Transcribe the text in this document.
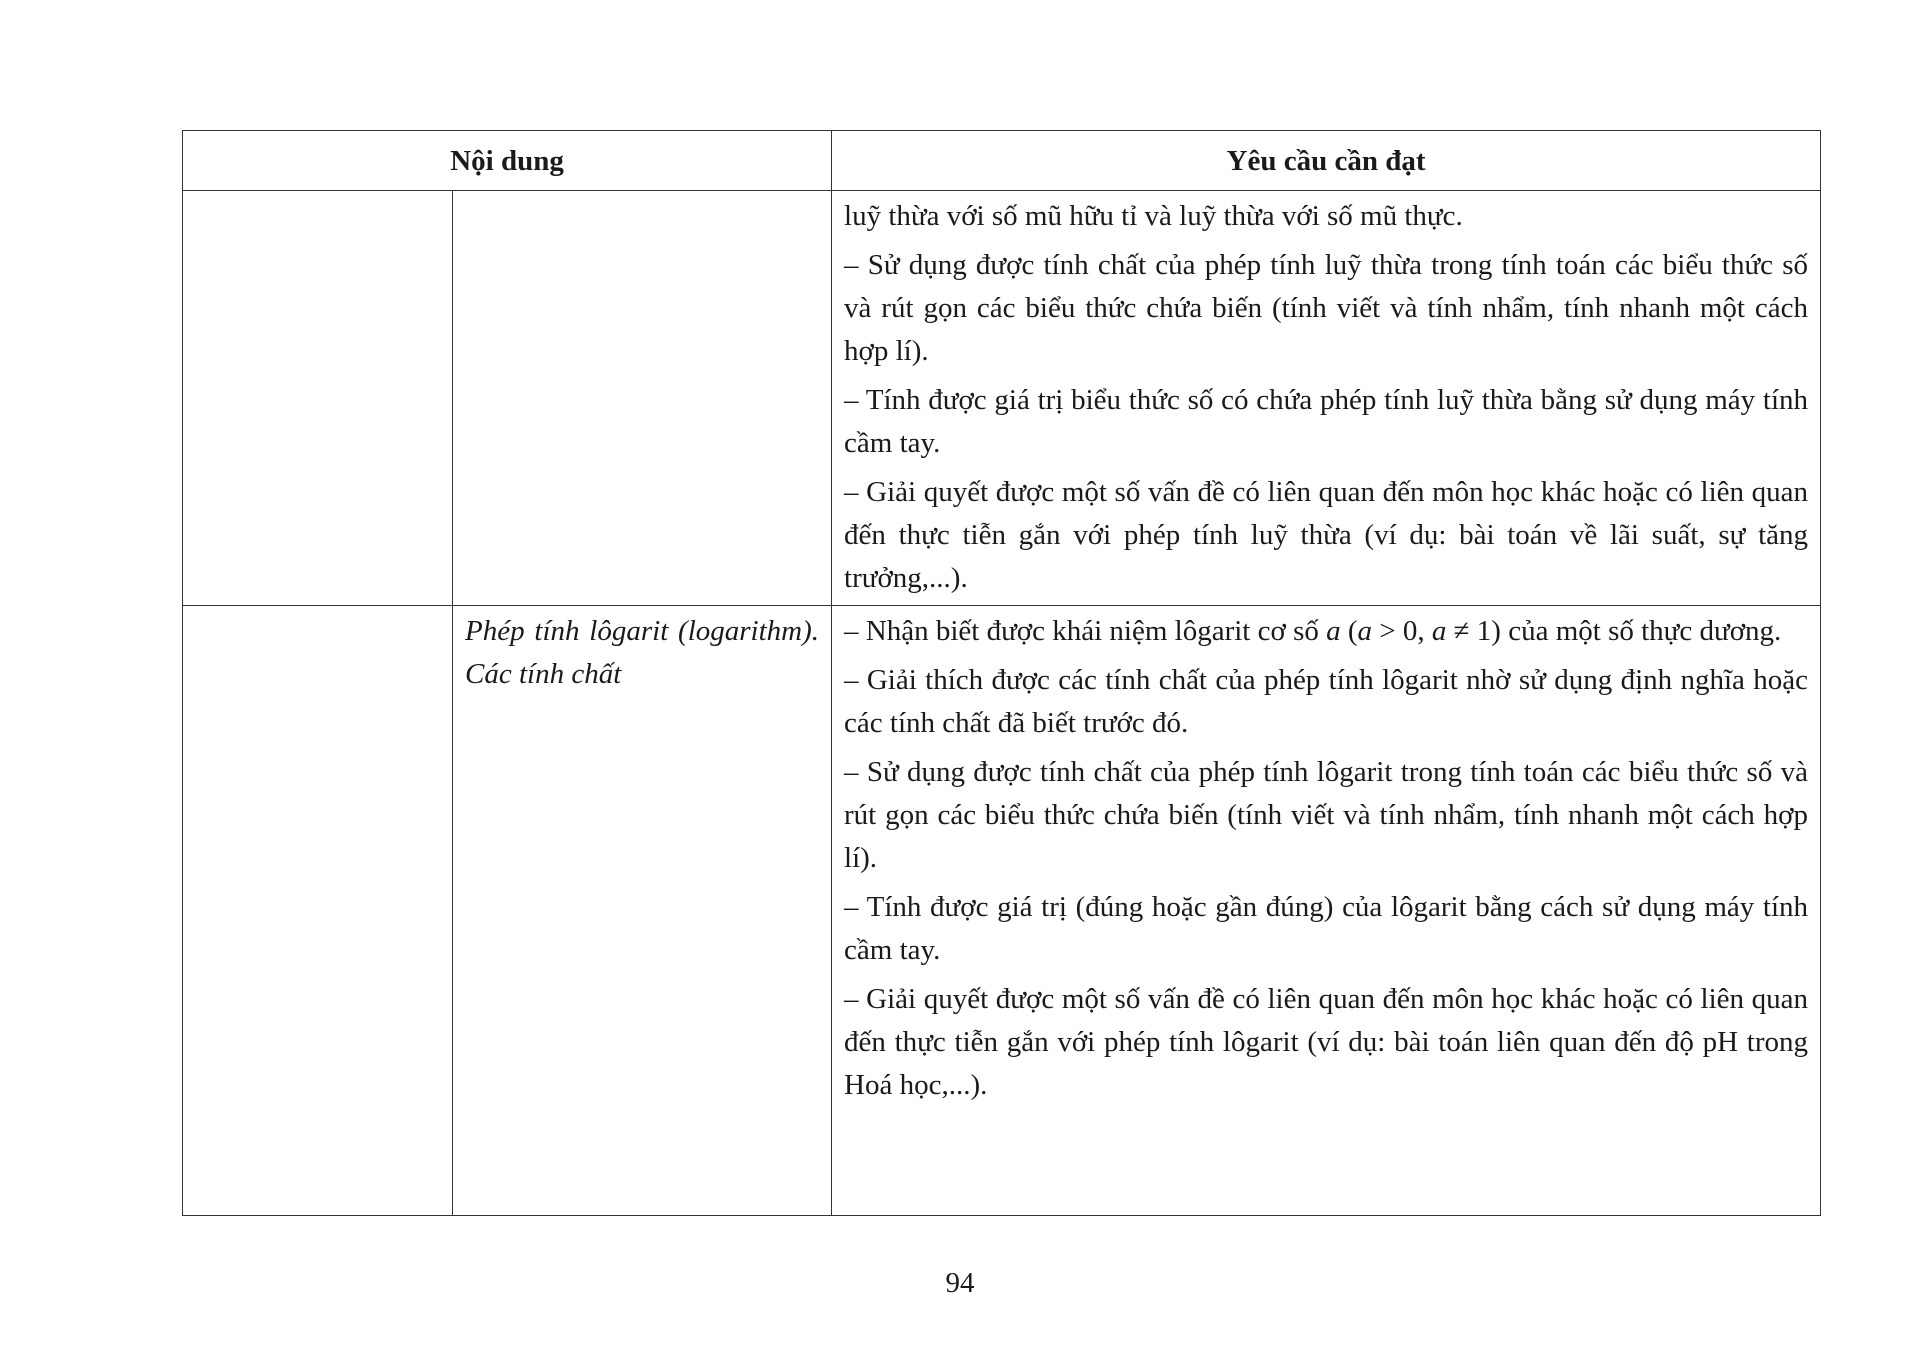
Nội dung		Yêu cầu cần đạt

		luỹ thừa với số mũ hữu tỉ và luỹ thừa với số mũ thực.

– Sử dụng được tính chất của phép tính luỹ thừa trong tính toán các biểu thức số và rút gọn các biểu thức chứa biến (tính viết và tính nhẩm, tính nhanh một cách hợp lí).

– Tính được giá trị biểu thức số có chứa phép tính luỹ thừa bằng sử dụng máy tính cầm tay.

– Giải quyết được một số vấn đề có liên quan đến môn học khác hoặc có liên quan đến thực tiễn gắn với phép tính luỹ thừa (ví dụ: bài toán về lãi suất, sự tăng trưởng,...).

	Phép tính lôgarit (logarithm). Các tính chất	– Nhận biết được khái niệm lôgarit cơ số a (a > 0, a ≠ 1) của một số thực dương.

– Giải thích được các tính chất của phép tính lôgarit nhờ sử dụng định nghĩa hoặc các tính chất đã biết trước đó.

– Sử dụng được tính chất của phép tính lôgarit trong tính toán các biểu thức số và rút gọn các biểu thức chứa biến (tính viết và tính nhẩm, tính nhanh một cách hợp lí).

– Tính được giá trị (đúng hoặc gần đúng) của lôgarit bằng cách sử dụng máy tính cầm tay.

– Giải quyết được một số vấn đề có liên quan đến môn học khác hoặc có liên quan đến thực tiễn gắn với phép tính lôgarit (ví dụ: bài toán liên quan đến độ pH trong Hoá học,...).

94
